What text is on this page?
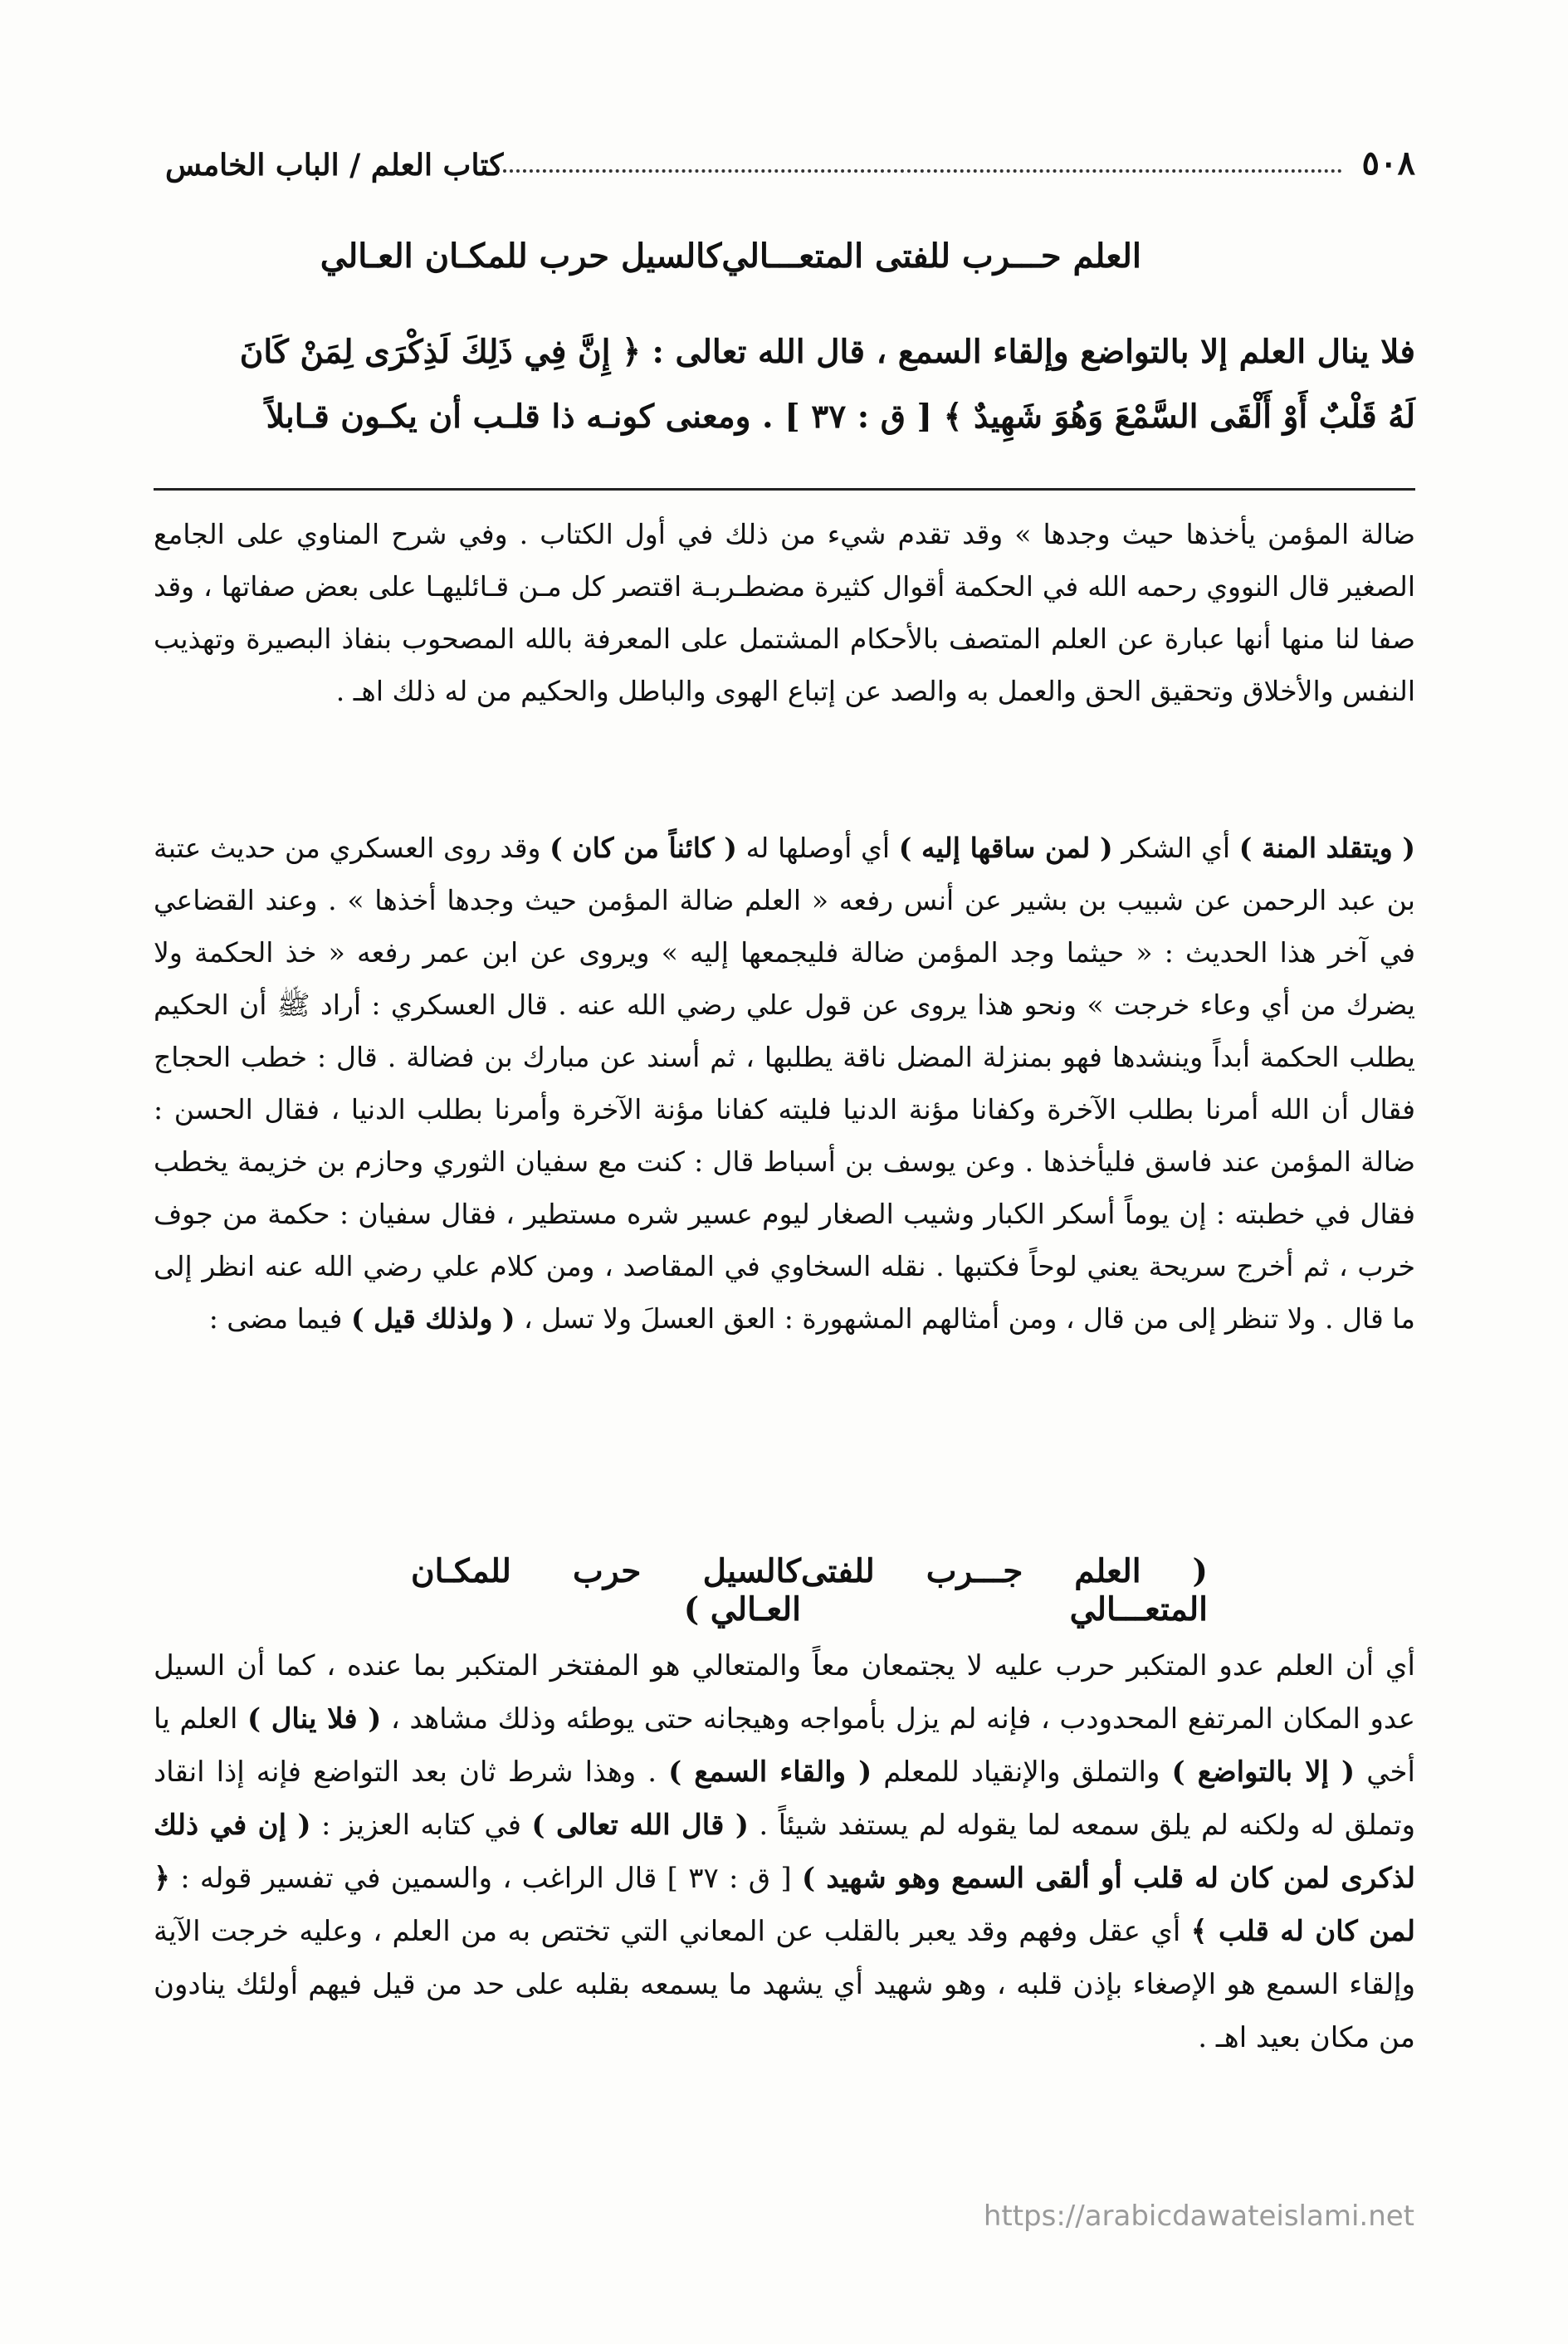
٥٠٨
كتاب العلم / الباب الخامس
العلم حـــرب للفتى المتعـــالي
كالسيل حرب للمكـان العـالي
فلا ينال العلم إلا بالتواضع وإلقاء السمع ، قال الله تعالى : ﴿ إِنَّ فِي ذَلِكَ لَذِكْرَى لِمَنْ كَانَ
لَهُ قَلْبٌ أَوْ أَلْقَى السَّمْعَ وَهُوَ شَهِيدٌ ﴾ [ ق : ٣٧ ] . ومعنى كونـه ذا قلـب أن يكـون قـابلاً
ضالة المؤمن يأخذها حيث وجدها » وقد تقدم شيء من ذلك في أول الكتاب . وفي شرح المناوي على الجامع الصغير قال النووي رحمه الله في الحكمة أقوال كثيرة مضطـربـة اقتصر كل مـن قـائليهـا على بعض صفاتها ، وقد صفا لنا منها أنها عبارة عن العلم المتصف بالأحكام المشتمل على المعرفة بالله المصحوب بنفاذ البصيرة وتهذيب النفس والأخلاق وتحقيق الحق والعمل به والصد عن إتباع الهوى والباطل والحكيم من له ذلك اهـ .
( ويتقلد المنة ) أي الشكر ( لمن ساقها إليه ) أي أوصلها له ( كائناً من كان ) وقد روى العسكري من حديث عتبة بن عبد الرحمن عن شبيب بن بشير عن أنس رفعه « العلم ضالة المؤمن حيث وجدها أخذها » . وعند القضاعي في آخر هذا الحديث : « حيثما وجد المؤمن ضالة فليجمعها إليه » ويروى عن ابن عمر رفعه « خذ الحكمة ولا يضرك من أي وعاء خرجت » ونحو هذا يروى عن قول علي رضي الله عنه . قال العسكري : أراد ﷺ أن الحكيم يطلب الحكمة أبداً وينشدها فهو بمنزلة المضل ناقة يطلبها ، ثم أسند عن مبارك بن فضالة . قال : خطب الحجاج فقال أن الله أمرنا بطلب الآخرة وكفانا مؤنة الدنيا فليته كفانا مؤنة الآخرة وأمرنا بطلب الدنيا ، فقال الحسن : ضالة المؤمن عند فاسق فليأخذها . وعن يوسف بن أسباط قال : كنت مع سفيان الثوري وحازم بن خزيمة يخطب فقال في خطبته : إن يوماً أسكر الكبار وشيب الصغار ليوم عسير شره مستطير ، فقال سفيان : حكمة من جوف خرب ، ثم أخرج سريحة يعني لوحاً فكتبها . نقله السخاوي في المقاصد ، ومن كلام علي رضي الله عنه انظر إلى ما قال . ولا تنظر إلى من قال ، ومن أمثالهم المشهورة : العق العسلَ ولا تسل ، ( ولذلك قيل ) فيما مضى :
( العلم جـــرب للفتى المتعـــالي
كالسيل حرب للمكـان العـالي )
أي أن العلم عدو المتكبر حرب عليه لا يجتمعان معاً والمتعالي هو المفتخر المتكبر بما عنده ، كما أن السيل عدو المكان المرتفع المحدودب ، فإنه لم يزل بأمواجه وهيجانه حتى يوطئه وذلك مشاهد ، ( فلا ينال ) العلم يا أخي ( إلا بالتواضع ) والتملق والإنقياد للمعلم ( والقاء السمع ) . وهذا شرط ثان بعد التواضع فإنه إذا انقاد وتملق له ولكنه لم يلق سمعه لما يقوله لم يستفد شيئاً . ( قال الله تعالى ) في كتابه العزيز : ( إن في ذلك لذكرى لمن كان له قلب أو ألقى السمع وهو شهيد ) [ ق : ٣٧ ] قال الراغب ، والسمين في تفسير قوله : ﴿ لمن كان له قلب ﴾ أي عقل وفهم وقد يعبر بالقلب عن المعاني التي تختص به من العلم ، وعليه خرجت الآية وإلقاء السمع هو الإصغاء بإذن قلبه ، وهو شهيد أي يشهد ما يسمعه بقلبه على حد من قيل فيهم أولئك ينادون من مكان بعيد اهـ .
https://arabicdawateislami.net
